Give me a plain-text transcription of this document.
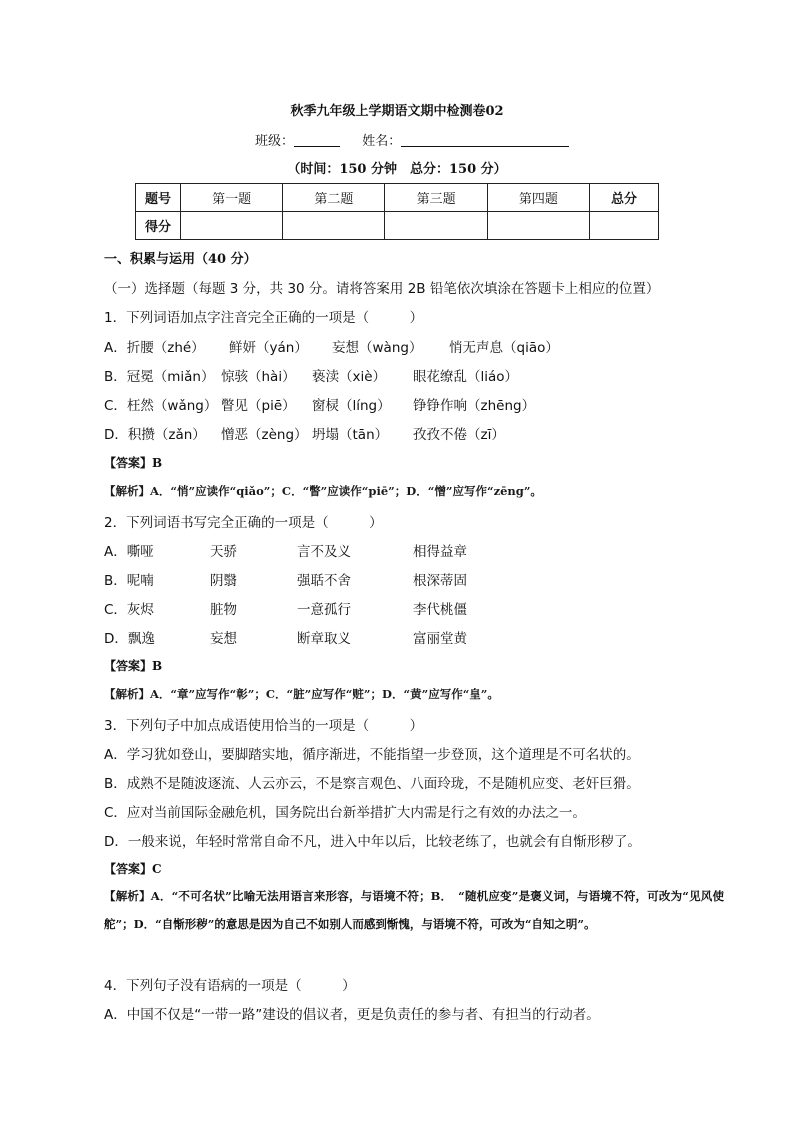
秋季九年级上学期语文期中检测卷02
班级：	姓名：
（时间：150 分钟　总分：150 分）
题号	第一题	第二题	第三题	第四题	总分
得分					
一、积累与运用（40 分）
（一）选择题（每题 3 分，共 30 分。请将答案用 2B 铅笔依次填涂在答题卡上相应的位置）
1．下列词语加点字注音完全正确的一项是（　　　）
A．折腰（zhé） 鲜妍（yán） 妄想（wàng） 悄无声息（qiāo）
B．冠冕（miǎn） 惊骇（hài） 亵渎（xiè） 眼花缭乱（liáo）
C．枉然（wǎng） 瞥见（piē） 窗棂（líng） 铮铮作响（zhēng）
D．积攒（zǎn） 憎恶（zèng） 坍塌（tān） 孜孜不倦（zī）
【答案】B
【解析】A．“悄”应读作“qiǎo”；C．“瞥”应读作“piē”；D．“憎”应写作“zēng”。
2．下列词语书写完全正确的一项是（　　　）
A．嘶哑	天骄	言不及义	相得益章
B．呢喃	阴翳	强聒不舍	根深蒂固
C．灰烬	脏物	一意孤行	李代桃僵
D．飘逸	妄想	断章取义	富丽堂黄
【答案】B
【解析】A．“章”应写作“彰”；C．“脏”应写作“赃”；D．“黄”应写作“皇”。
3．下列句子中加点成语使用恰当的一项是（　　　）
A．学习犹如登山，要脚踏实地，循序渐进，不能指望一步登顶，这个道理是不可名状的。
B．成熟不是随波逐流、人云亦云，不是察言观色、八面玲珑，不是随机应变、老奸巨猾。
C．应对当前国际金融危机，国务院出台新举措扩大内需是行之有效的办法之一。
D．一般来说，年轻时常常自命不凡，进入中年以后，比较老练了，也就会有自惭形秽了。
【答案】C
【解析】A．“不可名状”比喻无法用语言来形容，与语境不符；B．　“随机应变”是褒义词，与语境不符，可改为“见风使舵”；D．“自惭形秽”的意思是因为自己不如别人而感到惭愧，与语境不符，可改为“自知之明”。
4．下列句子没有语病的一项是（　　　）
A．中国不仅是“一带一路”建设的倡议者，更是负责任的参与者、有担当的行动者。
